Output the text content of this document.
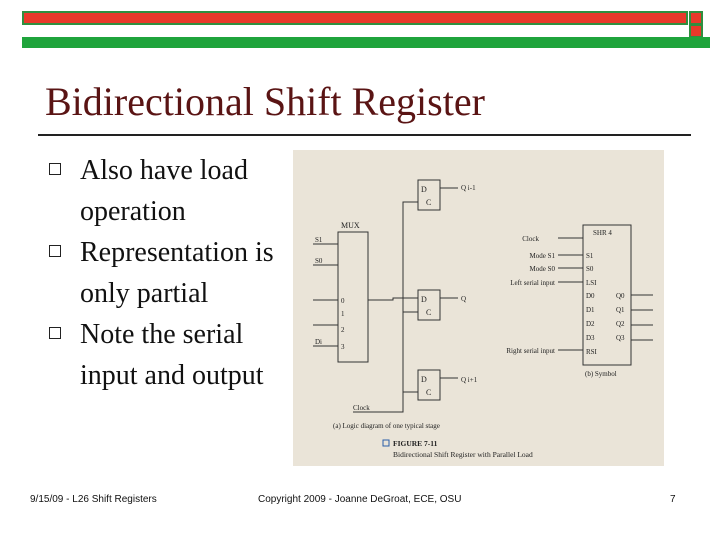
Bidirectional Shift Register
Also have load
operation
Representation is
only partial
Note the serial
input and output
MUX
D
C
D
C
D
C
Q i-1
Q
Q i+1
S1
S0
0
1
2
3
Di
Clock
(a) Logic diagram of one typical stage
SHR 4
Clock
Mode S1
Mode S0
Left serial input
Right serial input
S1
S0
LSI
D0
D1
D2
D3
RSI
Q0
Q1
Q2
Q3
(b) Symbol
FIGURE 7-11
Bidirectional Shift Register with Parallel Load
9/15/09 - L26 Shift Registers	Copyright 2009 - Joanne DeGroat, ECE, OSU	7
